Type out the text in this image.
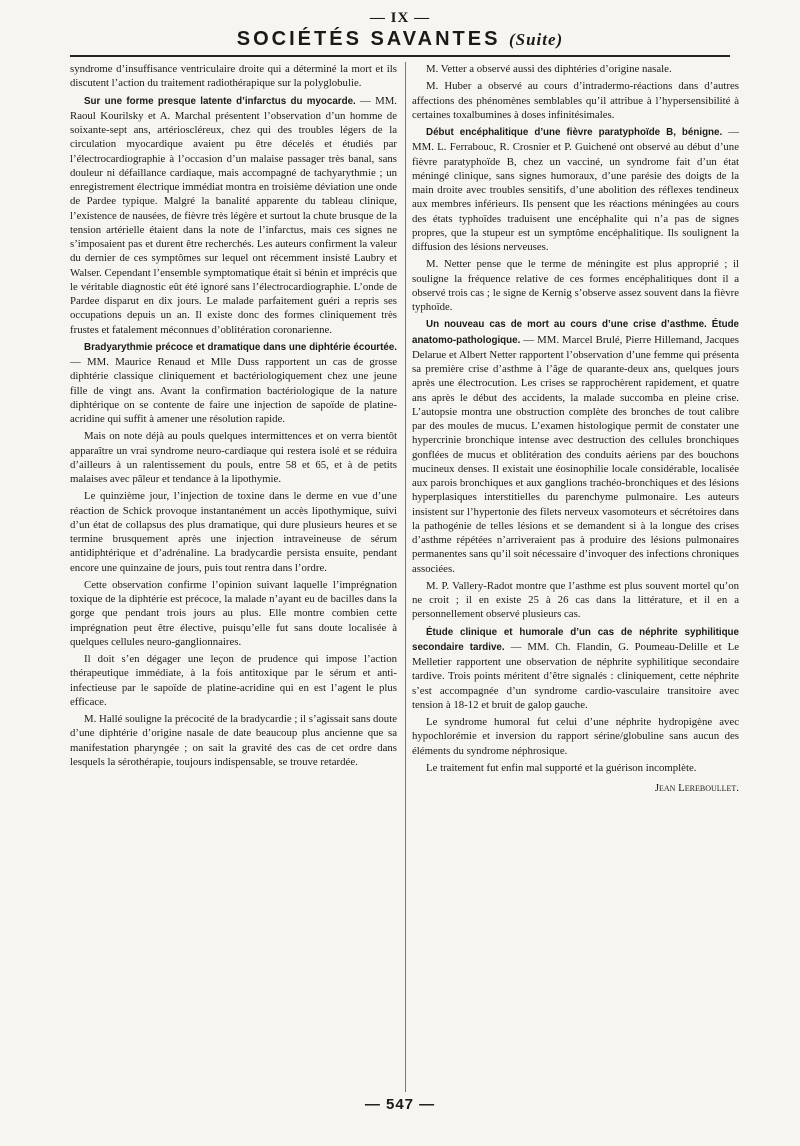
— IX —
SOCIÉTÉS SAVANTES (Suite)

syndrome d’insuffisance ventriculaire droite qui a déterminé la mort et ils discutent l’action du traitement radiothérapique sur la polyglobulie.

Sur une forme presque latente d’infarctus du myocarde. — MM. Raoul Kourilsky et A. Marchal présentent l’observation d’un homme de soixante-sept ans, artérioscléreux, chez qui des troubles légers de la circulation myocardique avaient pu être décelés et étudiés par l’électrocardiographie à l’occasion d’un malaise passager très banal, sans douleur ni défaillance cardiaque, mais accompagné de tachyarythmie ; un enregistrement électrique immédiat montra en troisième déviation une onde de Pardee typique. Malgré la banalité apparente du tableau clinique, l’existence de nausées, de fièvre très légère et surtout la chute brusque de la tension artérielle étaient dans la note de l’infarctus, mais ces signes ne s’imposaient pas et durent être recherchés. Les auteurs confirment la valeur du dernier de ces symptômes sur lequel ont récemment insisté Laubry et Walser. Cependant l’ensemble symptomatique était si bénin et imprécis que le véritable diagnostic eût été ignoré sans l’électrocardiographie. L’onde de Pardee disparut en dix jours. Le malade parfaitement guéri a repris ses occupations depuis un an. Il existe donc des formes cliniquement très frustes et fatalement méconnues d’oblitération coronarienne.

Bradyarythmie précoce et dramatique dans une diphtérie écourtée. — MM. Maurice Renaud et Mlle Duss rapportent un cas de grosse diphtérie classique cliniquement et bactériologiquement chez une jeune fille de vingt ans. Avant la confirmation bactériologique de la nature diphtérique on se contente de faire une injection de sapoïde de platine-acridine qui suffit à amener une résolution rapide.

Mais on note déjà au pouls quelques intermittences et on verra bientôt apparaître un vrai syndrome neuro-cardiaque qui restera isolé et se réduira d’ailleurs à un ralentissement du pouls, entre 58 et 65, et à de petits malaises avec pâleur et tendance à la lipothymie.

Le quinzième jour, l’injection de toxine dans le derme en vue d’une réaction de Schick provoque instantanément un accès lipothymique, suivi d’un état de collapsus des plus dramatique, qui dure plusieurs heures et se termine brusquement après une injection intraveineuse de sérum antidiphtérique et d’adrénaline. La bradycardie persista ensuite, pendant encore une quinzaine de jours, puis tout rentra dans l’ordre.

Cette observation confirme l’opinion suivant laquelle l’imprégnation toxique de la diphtérie est précoce, la malade n’ayant eu de bacilles dans la gorge que pendant trois jours au plus. Elle montre combien cette imprégnation peut être élective, puisqu’elle fut sans doute localisée à quelques cellules neuro-ganglionnaires.

Il doit s’en dégager une leçon de prudence qui impose l’action thérapeutique immédiate, à la fois antitoxique par le sérum et anti-infectieuse par le sapoïde de platine-acridine qui en est l’agent le plus efficace.

M. Hallé souligne la précocité de la bradycardie ; il s’agissait sans doute d’une diphtérie d’origine nasale de date beaucoup plus ancienne que sa manifestation pharyngée ; on sait la gravité des cas de cet ordre dans lesquels la sérothérapie, toujours indispensable, se trouve retardée.

M. Vetter a observé aussi des diphtéries d’origine nasale.

M. Huber a observé au cours d’intradermo-réactions dans d’autres affections des phénomènes semblables qu’il attribue à l’hypersensibilité à certaines toxalbumines à doses infinitésimales.

Début encéphalitique d’une fièvre paratyphoïde B, bénigne. — MM. L. Ferrabouc, R. Crosnier et P. Guichené ont observé au début d’une fièvre paratyphoïde B, chez un vacciné, un syndrome fait d’un état méningé clinique, sans signes humoraux, d’une parésie des doigts de la main droite avec troubles sensitifs, d’une abolition des réflexes tendineux aux membres inférieurs. Ils pensent que les réactions méningées au cours des états typhoïdes traduisent une encéphalite qui n’a pas de signes propres, que la stupeur est un symptôme encéphalitique. Ils soulignent la diffusion des lésions nerveuses.

M. Netter pense que le terme de méningite est plus approprié ; il souligne la fréquence relative de ces formes encéphalitiques dont il a observé trois cas ; le signe de Kernig s’observe assez souvent dans la fièvre typhoïde.

Un nouveau cas de mort au cours d’une crise d’asthme. Étude anatomo-pathologique. — MM. Marcel Brulé, Pierre Hillemand, Jacques Delarue et Albert Netter rapportent l’observation d’une femme qui présenta sa première crise d’asthme à l’âge de quarante-deux ans, quelques jours après une électrocution. Les crises se rapprochèrent rapidement, et quatre ans après le début des accidents, la malade succomba en pleine crise. L’autopsie montra une obstruction complète des bronches de tout calibre par des moules de mucus. L’examen histologique permit de constater une hypercrinie bronchique intense avec destruction des cellules bronchiques gonflées de mucus et oblitération des conduits aériens par des bouchons mucineux denses. Il existait une éosinophilie locale considérable, localisée aux parois bronchiques et aux ganglions trachéo-bronchiques et des lésions hyperplasiques interstitielles du parenchyme pulmonaire. Les auteurs insistent sur l’hypertonie des filets nerveux vasomoteurs et sécrétoires dans la pathogénie de telles lésions et se demandent si à la longue des crises d’asthme répétées n’arriveraient pas à produire des lésions pulmonaires permanentes sans qu’il soit nécessaire d’invoquer des infections chroniques associées.

M. P. Vallery-Radot montre que l’asthme est plus souvent mortel qu’on ne croit ; il en existe 25 à 26 cas dans la littérature, et il en a personnellement observé plusieurs cas.

Étude clinique et humorale d’un cas de néphrite syphilitique secondaire tardive. — MM. Ch. Flandin, G. Poumeau-Delille et Le Melletier rapportent une observation de néphrite syphilitique secondaire tardive. Trois points méritent d’être signalés : cliniquement, cette néphrite s’est accompagnée d’un syndrome cardio-vasculaire transitoire avec tension à 18-12 et bruit de galop gauche.

Le syndrome humoral fut celui d’une néphrite hydropigène avec hypochlorémie et inversion du rapport sérine/globuline sans aucun des éléments du syndrome néphrosique.

Le traitement fut enfin mal supporté et la guérison incomplète.

Jean Lereboullet.

— 547 —
